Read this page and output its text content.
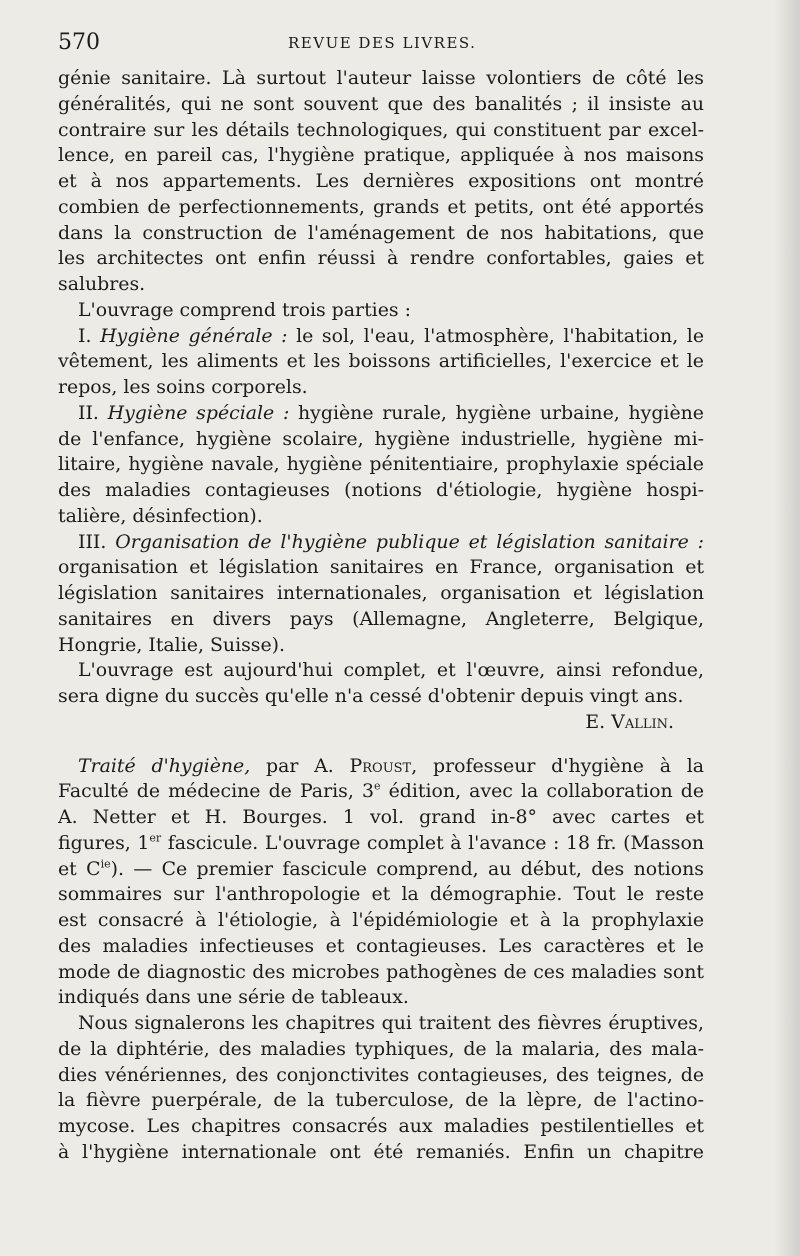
570	REVUE DES LIVRES.
génie sanitaire. Là surtout l'auteur laisse volontiers de côté les
généralités, qui ne sont souvent que des banalités ; il insiste au
contraire sur les détails technologiques, qui constituent par excel-
lence, en pareil cas, l'hygiène pratique, appliquée à nos maisons
et à nos appartements. Les dernières expositions ont montré
combien de perfectionnements, grands et petits, ont été apportés
dans la construction de l'aménagement de nos habitations, que
les architectes ont enfin réussi à rendre confortables, gaies et
salubres.
L'ouvrage comprend trois parties :
I. Hygiène générale : le sol, l'eau, l'atmosphère, l'habitation, le
vêtement, les aliments et les boissons artificielles, l'exercice et le
repos, les soins corporels.
II. Hygiène spéciale : hygiène rurale, hygiène urbaine, hygiène
de l'enfance, hygiène scolaire, hygiène industrielle, hygiène mi-
litaire, hygiène navale, hygiène pénitentiaire, prophylaxie spéciale
des maladies contagieuses (notions d'étiologie, hygiène hospi-
talière, désinfection).
III. Organisation de l'hygiène publique et législation sanitaire :
organisation et législation sanitaires en France, organisation et
législation sanitaires internationales, organisation et législation
sanitaires en divers pays (Allemagne, Angleterre, Belgique,
Hongrie, Italie, Suisse).
L'ouvrage est aujourd'hui complet, et l'œuvre, ainsi refondue,
sera digne du succès qu'elle n'a cessé d'obtenir depuis vingt ans.
E. Vallin.
Traité d'hygiène, par A. Proust, professeur d'hygiène à la
Faculté de médecine de Paris, 3e édition, avec la collaboration de
A. Netter et H. Bourges. 1 vol. grand in-8° avec cartes et
figures, 1er fascicule. L'ouvrage complet à l'avance : 18 fr. (Masson
et $C^{ie}$). — Ce premier fascicule comprend, au début, des notions
sommaires sur l'anthropologie et la démographie. Tout le reste
est consacré à l'étiologie, à l'épidémiologie et à la prophylaxie
des maladies infectieuses et contagieuses. Les caractères et le
mode de diagnostic des microbes pathogènes de ces maladies sont
indiqués dans une série de tableaux.
Nous signalerons les chapitres qui traitent des fièvres éruptives,
de la diphtérie, des maladies typhiques, de la malaria, des mala-
dies vénériennes, des conjonctivites contagieuses, des teignes, de
la fièvre puerpérale, de la tuberculose, de la lèpre, de l'actino-
mycose. Les chapitres consacrés aux maladies pestilentielles et
à l'hygiène internationale ont été remaniés. Enfin un chapitre
